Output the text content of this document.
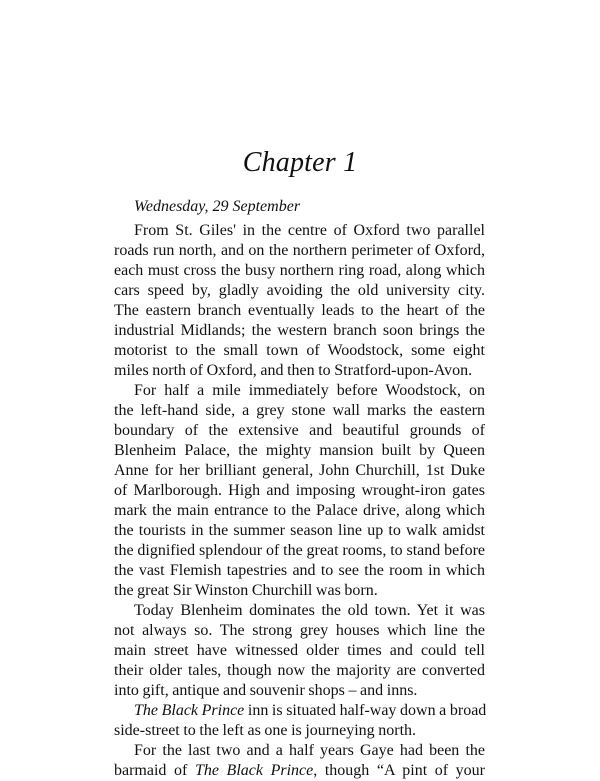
Chapter 1

Wednesday, 29 September

From St. Giles' in the centre of Oxford two parallel
roads run north, and on the northern perimeter of Oxford,
each must cross the busy northern ring road, along which
cars speed by, gladly avoiding the old university city.
The eastern branch eventually leads to the heart of the
industrial Midlands; the western branch soon brings the
motorist to the small town of Woodstock, some eight
miles north of Oxford, and then to Stratford-upon-Avon.
For half a mile immediately before Woodstock, on
the left-hand side, a grey stone wall marks the eastern
boundary of the extensive and beautiful grounds of
Blenheim Palace, the mighty mansion built by Queen
Anne for her brilliant general, John Churchill, 1st Duke
of Marlborough. High and imposing wrought-iron gates
mark the main entrance to the Palace drive, along which
the tourists in the summer season line up to walk amidst
the dignified splendour of the great rooms, to stand before
the vast Flemish tapestries and to see the room in which
the great Sir Winston Churchill was born.
Today Blenheim dominates the old town. Yet it was
not always so. The strong grey houses which line the
main street have witnessed older times and could tell
their older tales, though now the majority are converted
into gift, antique and souvenir shops – and inns.
The Black Prince inn is situated half-way down a broad
side-street to the left as one is journeying north.
For the last two and a half years Gaye had been the
barmaid of The Black Prince, though “A pint of your
